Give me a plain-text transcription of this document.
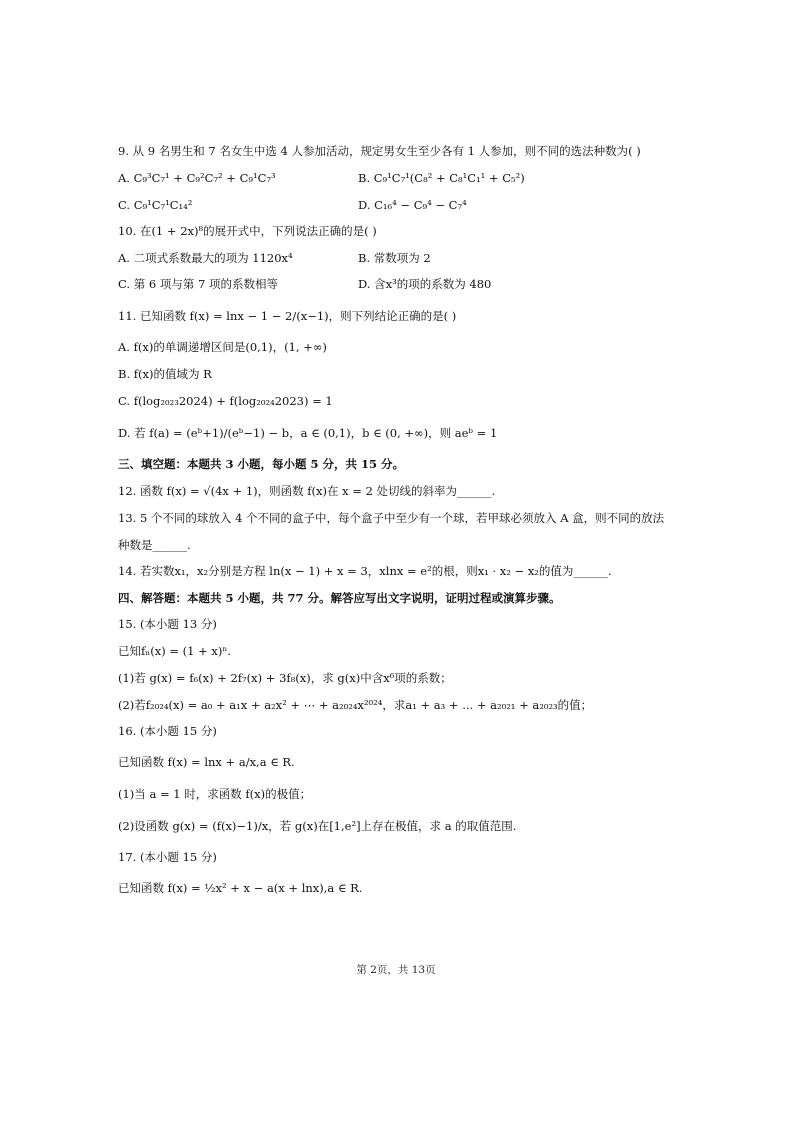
9. 从 9 名男生和 7 名女生中选 4 人参加活动，规定男女生至少各有 1 人参加，则不同的选法种数为( )
A. C₉³C₇¹ + C₉²C₇² + C₉¹C₇³	B. C₉¹C₇¹(C₈² + C₈¹C₁¹ + C₅²)
C. C₉¹C₇¹C₁₄²	D. C₁₆⁴ − C₉⁴ − C₇⁴
10. 在(1 + 2x)⁸的展开式中，下列说法正确的是( )
A. 二项式系数最大的项为 1120x⁴	B. 常数项为 2
C. 第 6 项与第 7 项的系数相等	D. 含x³的项的系数为 480
11. 已知函数 f(x) = lnx − 1 − 2/(x−1)，则下列结论正确的是( )
A. f(x)的单调递增区间是(0,1)，(1, +∞)
B. f(x)的值域为 R
C. f(log₂₀₂₃2024) + f(log₂₀₂₄2023) = 1
D. 若 f(a) = (eᵇ+1)/(eᵇ−1) − b，a ∈ (0,1)，b ∈ (0, +∞)，则 aeᵇ = 1
三、填空题：本题共 3 小题，每小题 5 分，共 15 分。
12. 函数 f(x) = √(4x + 1)，则函数 f(x)在 x = 2 处切线的斜率为______.
13. 5 个不同的球放入 4 个不同的盒子中，每个盒子中至少有一个球，若甲球必须放入 A 盒，则不同的放法
种数是______.
14. 若实数x₁，x₂分别是方程 ln(x − 1) + x = 3，xlnx = e²的根，则x₁ · x₂ − x₂的值为______.
四、解答题：本题共 5 小题，共 77 分。解答应写出文字说明，证明过程或演算步骤。
15. (本小题 13 分)
已知fₙ(x) = (1 + x)ⁿ.
(1)若 g(x) = f₆(x) + 2f₇(x) + 3f₈(x)，求 g(x)中含x⁶项的系数；
(2)若f₂₀₂₄(x) = a₀ + a₁x + a₂x² + ⋯ + a₂₀₂₄x²⁰²⁴，求a₁ + a₃ + ... + a₂₀₂₁ + a₂₀₂₃的值；
16. (本小题 15 分)
已知函数 f(x) = lnx + a/x,a ∈ R.
(1)当 a = 1 时，求函数 f(x)的极值；
(2)设函数 g(x) = (f(x)−1)/x，若 g(x)在[1,e²]上存在极值，求 a 的取值范围.
17. (本小题 15 分)
已知函数 f(x) = ½x² + x − a(x + lnx),a ∈ R.
第 2页，共 13页
